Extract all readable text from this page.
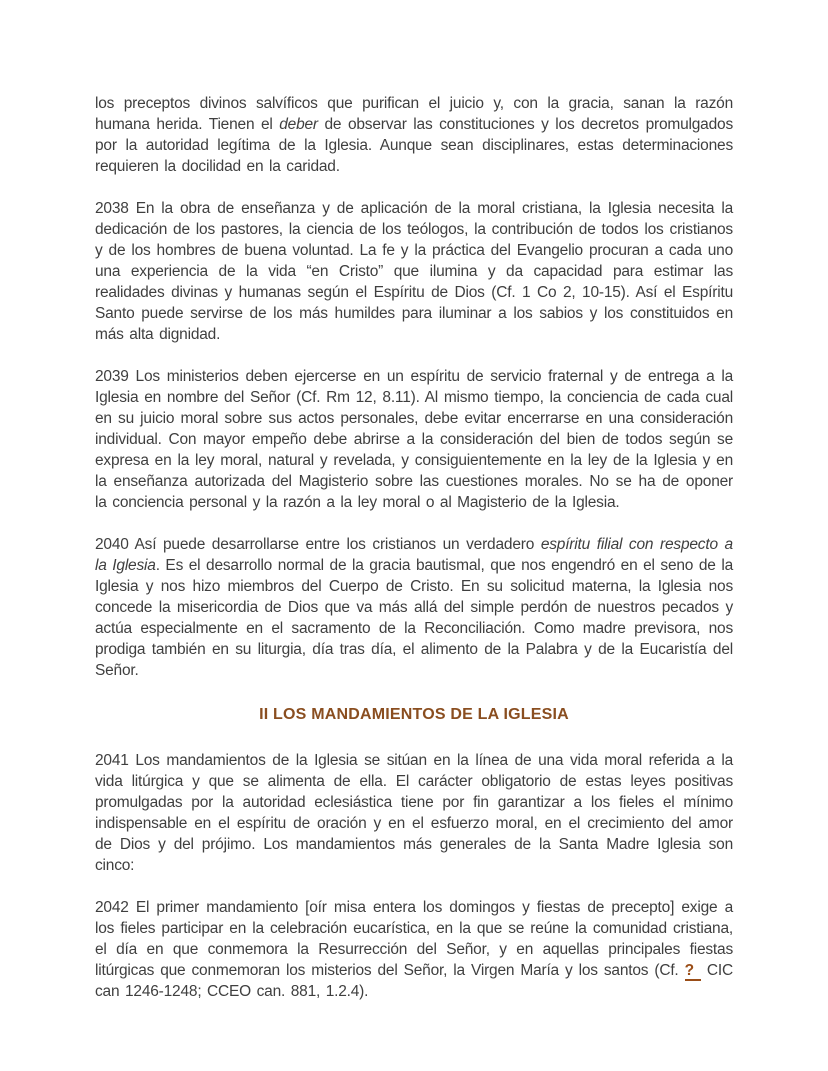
los preceptos divinos salvíficos que purifican el juicio y, con la gracia, sanan la razón humana herida. Tienen el deber de observar las constituciones y los decretos promulgados por la autoridad legítima de la Iglesia. Aunque sean disciplinares, estas determinaciones requieren la docilidad en la caridad.

2038 En la obra de enseñanza y de aplicación de la moral cristiana, la Iglesia necesita la dedicación de los pastores, la ciencia de los teólogos, la contribución de todos los cristianos y de los hombres de buena voluntad. La fe y la práctica del Evangelio procuran a cada uno una experiencia de la vida “en Cristo” que ilumina y da capacidad para estimar las realidades divinas y humanas según el Espíritu de Dios (Cf. 1 Co 2, 10-15). Así el Espíritu Santo puede servirse de los más humildes para iluminar a los sabios y los constituidos en más alta dignidad.

2039 Los ministerios deben ejercerse en un espíritu de servicio fraternal y de entrega a la Iglesia en nombre del Señor (Cf. Rm 12, 8.11). Al mismo tiempo, la conciencia de cada cual en su juicio moral sobre sus actos personales, debe evitar encerrarse en una consideración individual. Con mayor empeño debe abrirse a la consideración del bien de todos según se expresa en la ley moral, natural y revelada, y consiguientemente en la ley de la Iglesia y en la enseñanza autorizada del Magisterio sobre las cuestiones morales. No se ha de oponer la conciencia personal y la razón a la ley moral o al Magisterio de la Iglesia.

2040 Así puede desarrollarse entre los cristianos un verdadero espíritu filial con respecto a la Iglesia. Es el desarrollo normal de la gracia bautismal, que nos engendró en el seno de la Iglesia y nos hizo miembros del Cuerpo de Cristo. En su solicitud materna, la Iglesia nos concede la misericordia de Dios que va más allá del simple perdón de nuestros pecados y actúa especialmente en el sacramento de la Reconciliación. Como madre previsora, nos prodiga también en su liturgia, día tras día, el alimento de la Palabra y de la Eucaristía del Señor.

II LOS MANDAMIENTOS DE LA IGLESIA

2041 Los mandamientos de la Iglesia se sitúan en la línea de una vida moral referida a la vida litúrgica y que se alimenta de ella. El carácter obligatorio de estas leyes positivas promulgadas por la autoridad eclesiástica tiene por fin garantizar a los fieles el mínimo indispensable en el espíritu de oración y en el esfuerzo moral, en el crecimiento del amor de Dios y del prójimo. Los mandamientos más generales de la Santa Madre Iglesia son cinco:

2042 El primer mandamiento [oír misa entera los domingos y fiestas de precepto] exige a los fieles participar en la celebración eucarística, en la que se reúne la comunidad cristiana, el día en que conmemora la Resurrección del Señor, y en aquellas principales fiestas litúrgicas que conmemoran los misterios del Señor, la Virgen María y los santos (Cf. ? CIC can 1246-1248; CCEO can. 881, 1.2.4).
